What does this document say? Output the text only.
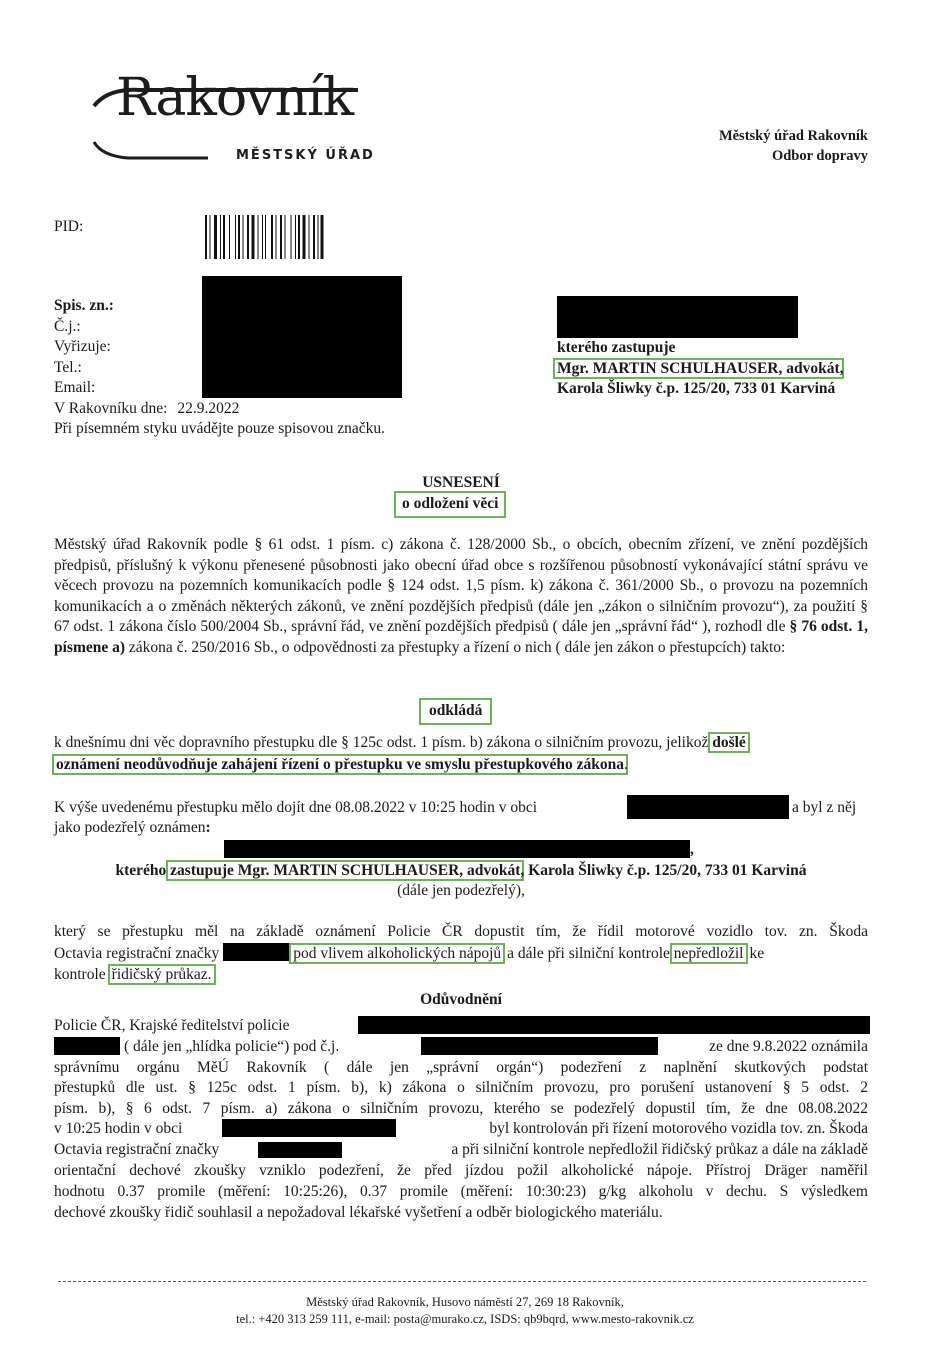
Rakovník
MĚSTSKÝ ÚŘAD
Městský úřad Rakovník
Odbor dopravy
PID:
Spis. zn.:
Č.j.:
Vyřizuje:
Tel.:
Email:
V Rakovníku dne: 22.9.2022
Při písemném styku uvádějte pouze spisovou značku.
kterého zastupuje
Mgr. MARTIN SCHULHAUSER, advokát,
Karola Šliwky č.p. 125/20, 733 01 Karviná
USNESENÍ
o odložení věci
Městský úřad Rakovník podle § 61 odst. 1 písm. c) zákona č. 128/2000 Sb., o obcích, obecním zřízení, ve znění pozdějších předpisů, příslušný k výkonu přenesené působnosti jako obecní úřad obce s rozšířenou působností vykonávající státní správu ve věcech provozu na pozemních komunikacích podle § 124 odst. 1,5 písm. k) zákona č. 361/2000 Sb., o provozu na pozemních komunikacích a o změnách některých zákonů, ve znění pozdějších předpisů (dále jen „zákon o silničním provozu“), za použití § 67 odst. 1 zákona číslo 500/2004 Sb., správní řád, ve znění pozdějších předpisů ( dále jen „správní řád“ ), rozhodl dle § 76 odst. 1, písmene a) zákona č. 250/2016 Sb., o odpovědnosti za přestupky a řízení o nich ( dále jen zákon o přestupcích) takto:
odkládá
k dnešnímu dni věc dopravního přestupku dle § 125c odst. 1 písm. b) zákona o silničním provozu, jelikož došlé
oznámení neodůvodňuje zahájení řízení o přestupku ve smyslu přestupkového zákona.
K výše uvedenému přestupku mělo dojít dne 08.08.2022 v 10:25 hodin v obci	a byl z něj
jako podezřelý oznámen:
,
kterého zastupuje Mgr. MARTIN SCHULHAUSER, advokát, Karola Šliwky č.p. 125/20, 733 01 Karviná
(dále jen podezřelý),
který se přestupku měl na základě oznámení Policie ČR dopustit tím, že řídil motorové vozidlo tov. zn. Škoda
Octavia registrační značky	pod vlivem alkoholických nápojů a dále při silniční kontrole nepředložil ke
kontrole řidičský průkaz.
Odůvodnění
Policie ČR, Krajské ředitelství policie
( dále jen „hlídka policie“) pod č.j.	ze dne 9.8.2022 oznámila
správnímu orgánu MěÚ Rakovník ( dále jen „správní orgán“) podezření z naplnění skutkových podstat
přestupků dle ust. § 125c odst. 1 písm. b), k) zákona o silničním provozu, pro porušení ustanovení § 5 odst. 2
písm. b), § 6 odst. 7 písm. a) zákona o silničním provozu, kterého se podezřelý dopustil tím, že dne 08.08.2022
v 10:25 hodin v obci	byl kontrolován při řízení motorového vozidla tov. zn. Škoda
Octavia registrační značky	a při silniční kontrole nepředložil řidičský průkaz a dále na základě
orientační dechové zkoušky vzniklo podezření, že před jízdou požil alkoholické nápoje. Přístroj Dräger naměřil
hodnotu 0.37 promile (měření: 10:25:26), 0.37 promile (měření: 10:30:23) g/kg alkoholu v dechu. S výsledkem
dechové zkoušky řidič souhlasil a nepožadoval lékařské vyšetření a odběr biologického materiálu.
Městský úřad Rakovník, Husovo náměstí 27, 269 18 Rakovník,
tel.: +420 313 259 111, e-mail: posta@murako.cz, ISDS: qb9bqrd, www.mesto-rakovnik.cz
